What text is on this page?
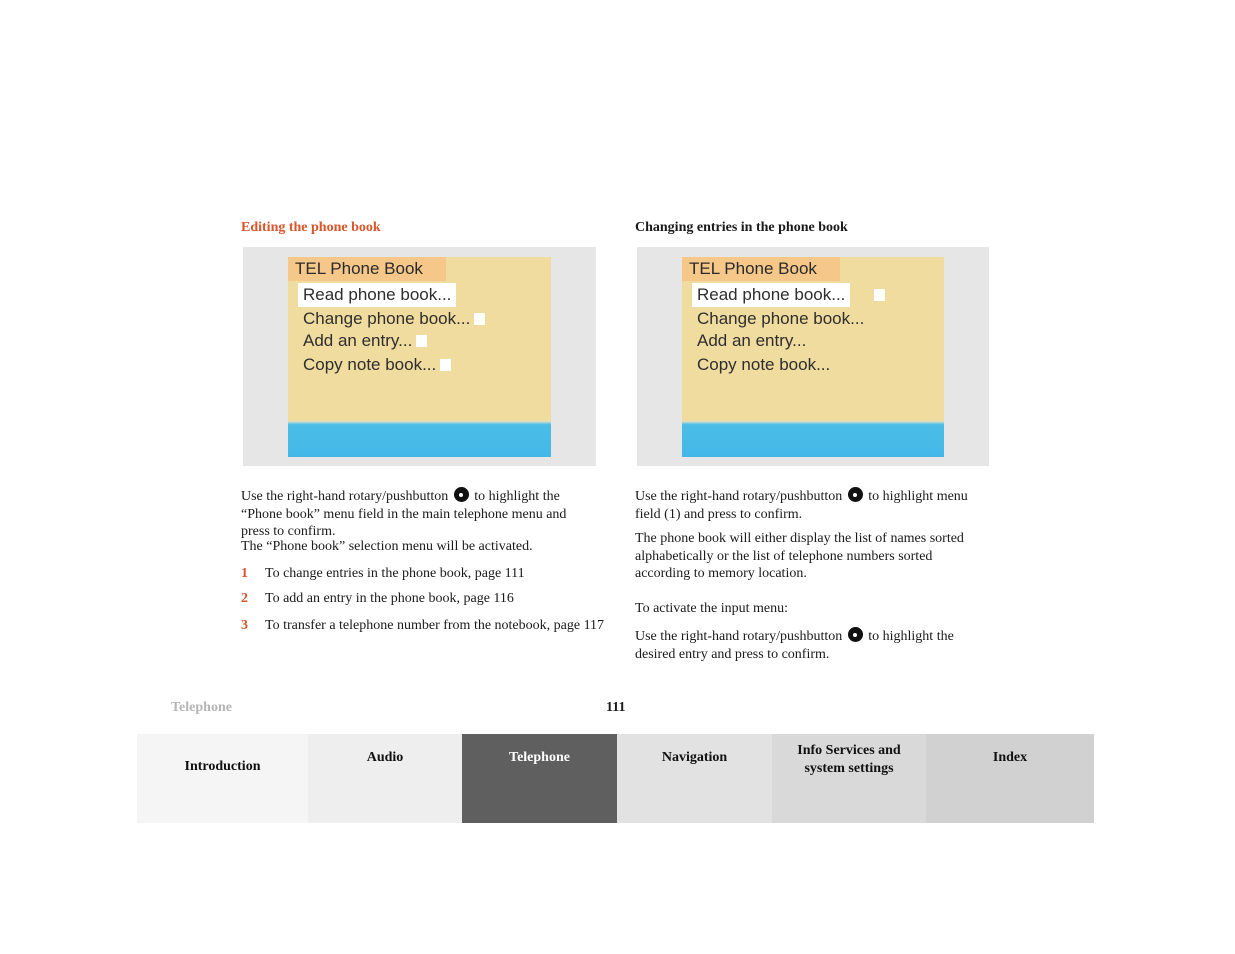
Editing the phone book
TEL Phone Book
Read phone book...
Change phone book...
Add an entry...
Copy note book...
Use the right-hand rotary/pushbutton to highlight the “Phone book” menu field in the main telephone menu and press to confirm.
The “Phone book” selection menu will be activated.
1 To change entries in the phone book, page 111
2 To add an entry in the phone book, page 116
3 To transfer a telephone number from the notebook, page 117
Changing entries in the phone book
TEL Phone Book
Read phone book...
Change phone book...
Add an entry...
Copy note book...
Use the right-hand rotary/pushbutton to highlight menu field (1) and press to confirm.
The phone book will either display the list of names sorted alphabetically or the list of telephone numbers sorted according to memory location.
To activate the input menu:
Use the right-hand rotary/pushbutton to highlight the desired entry and press to confirm.
Telephone	111
Introduction
Audio	Telephone	Navigation	Info Services and system settings
Index
